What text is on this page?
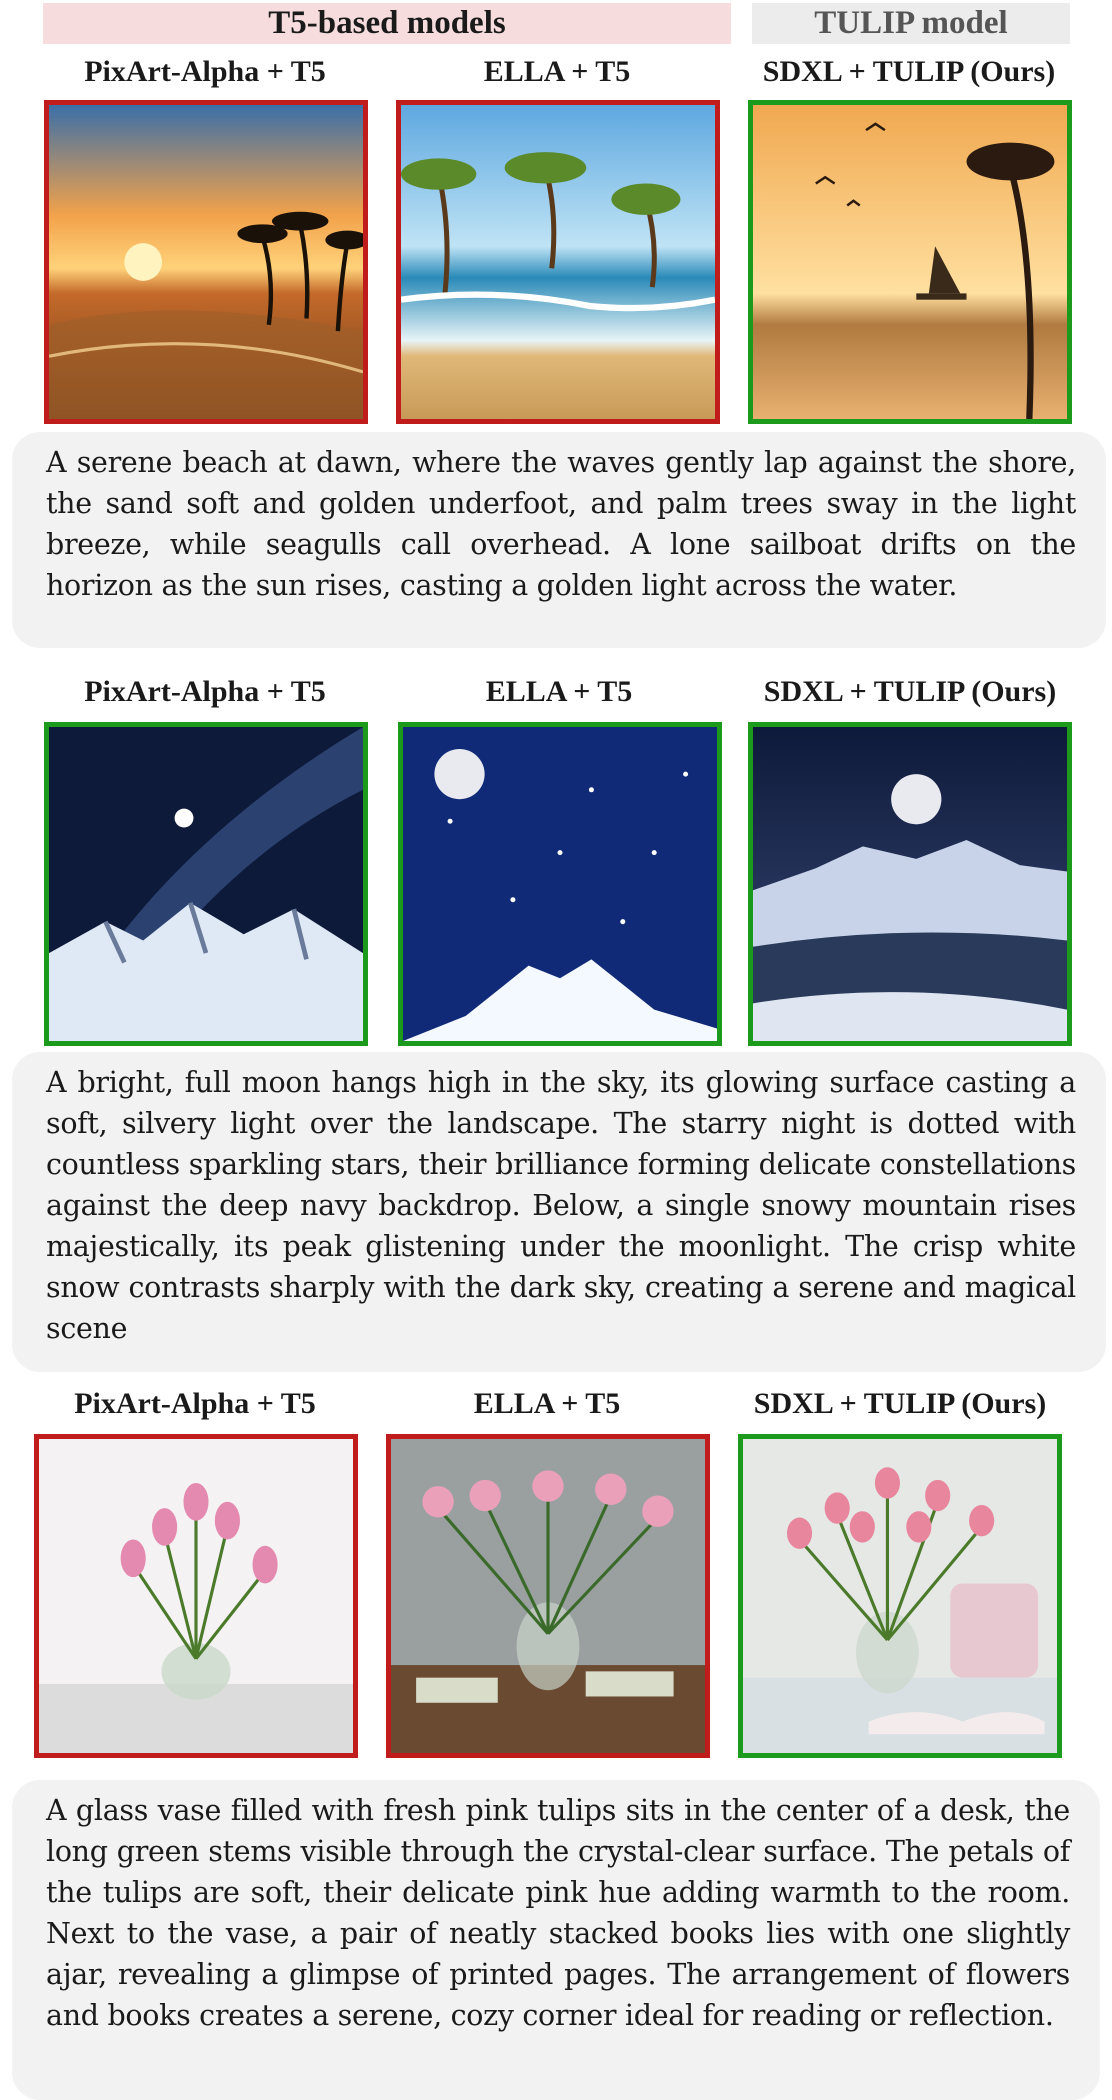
T5-based models	TULIP model
PixArt-Alpha + T5	ELLA + T5	SDXL + TULIP (Ours)
A serene beach at dawn, where the waves gently lap against the shore, the sand soft and golden underfoot, and palm trees sway in the light breeze, while seagulls call overhead. A lone sailboat drifts on the horizon as the sun rises, casting a golden light across the water.
PixArt-Alpha + T5	ELLA + T5	SDXL + TULIP (Ours)
A bright, full moon hangs high in the sky, its glowing surface casting a soft, silvery light over the landscape. The starry night is dotted with countless sparkling stars, their brilliance forming delicate constellations against the deep navy backdrop. Below, a single snowy mountain rises majestically, its peak glistening under the moonlight. The crisp white snow contrasts sharply with the dark sky, creating a serene and magical scene
PixArt-Alpha + T5	ELLA + T5	SDXL + TULIP (Ours)
A glass vase filled with fresh pink tulips sits in the center of a desk, the long green stems visible through the crystal-clear surface. The petals of the tulips are soft, their delicate pink hue adding warmth to the room. Next to the vase, a pair of neatly stacked books lies with one slightly ajar, revealing a glimpse of printed pages. The arrangement of flowers and books creates a serene, cozy corner ideal for reading or reflection.
